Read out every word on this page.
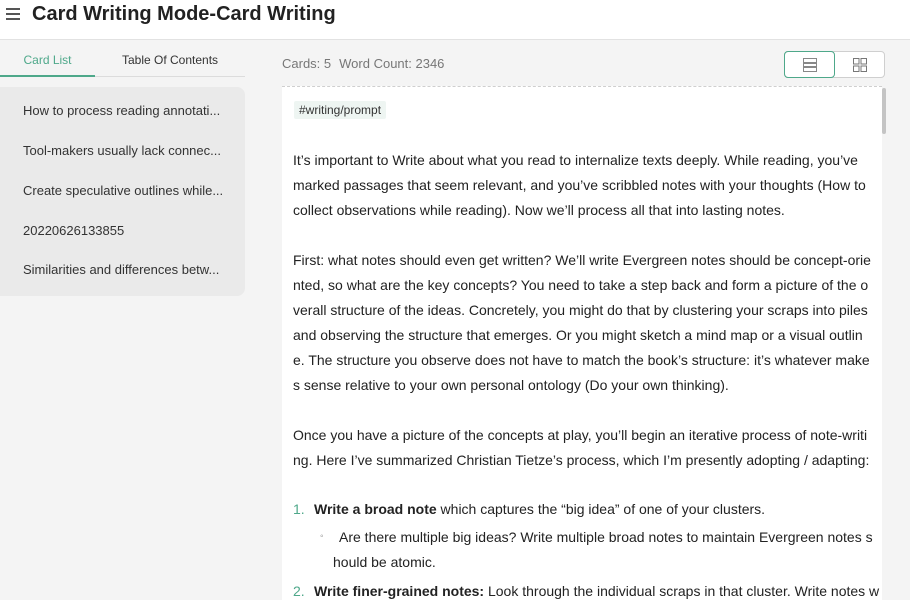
Card Writing Mode-Card Writing
Card List	Table Of Contents
How to process reading annotati...
Tool-makers usually lack connec...
Create speculative outlines while...
20220626133855
Similarities and differences betw...
Cards: 5 Word Count: 2346
#writing/prompt
It’s important to Write about what you read to internalize texts deeply. While reading, you’ve
marked passages that seem relevant, and you’ve scribbled notes with your thoughts (How to
collect observations while reading). Now we’ll process all that into lasting notes.
First: what notes should even get written? We’ll write Evergreen notes should be concept-orie
nted, so what are the key concepts? You need to take a step back and form a picture of the o
verall structure of the ideas. Concretely, you might do that by clustering your scraps into piles
and observing the structure that emerges. Or you might sketch a mind map or a visual outlin
e. The structure you observe does not have to match the book’s structure: it’s whatever make
s sense relative to your own personal ontology (Do your own thinking).
Once you have a picture of the concepts at play, you’ll begin an iterative process of note-writi
ng. Here I’ve summarized Christian Tietze’s process, which I’m presently adopting / adapting:
1. Write a broad note which captures the “big idea” of one of your clusters.
◦ Are there multiple big ideas? Write multiple broad notes to maintain Evergreen notes s
hould be atomic.
2. Write finer-grained notes: Look through the individual scraps in that cluster. Write notes w
